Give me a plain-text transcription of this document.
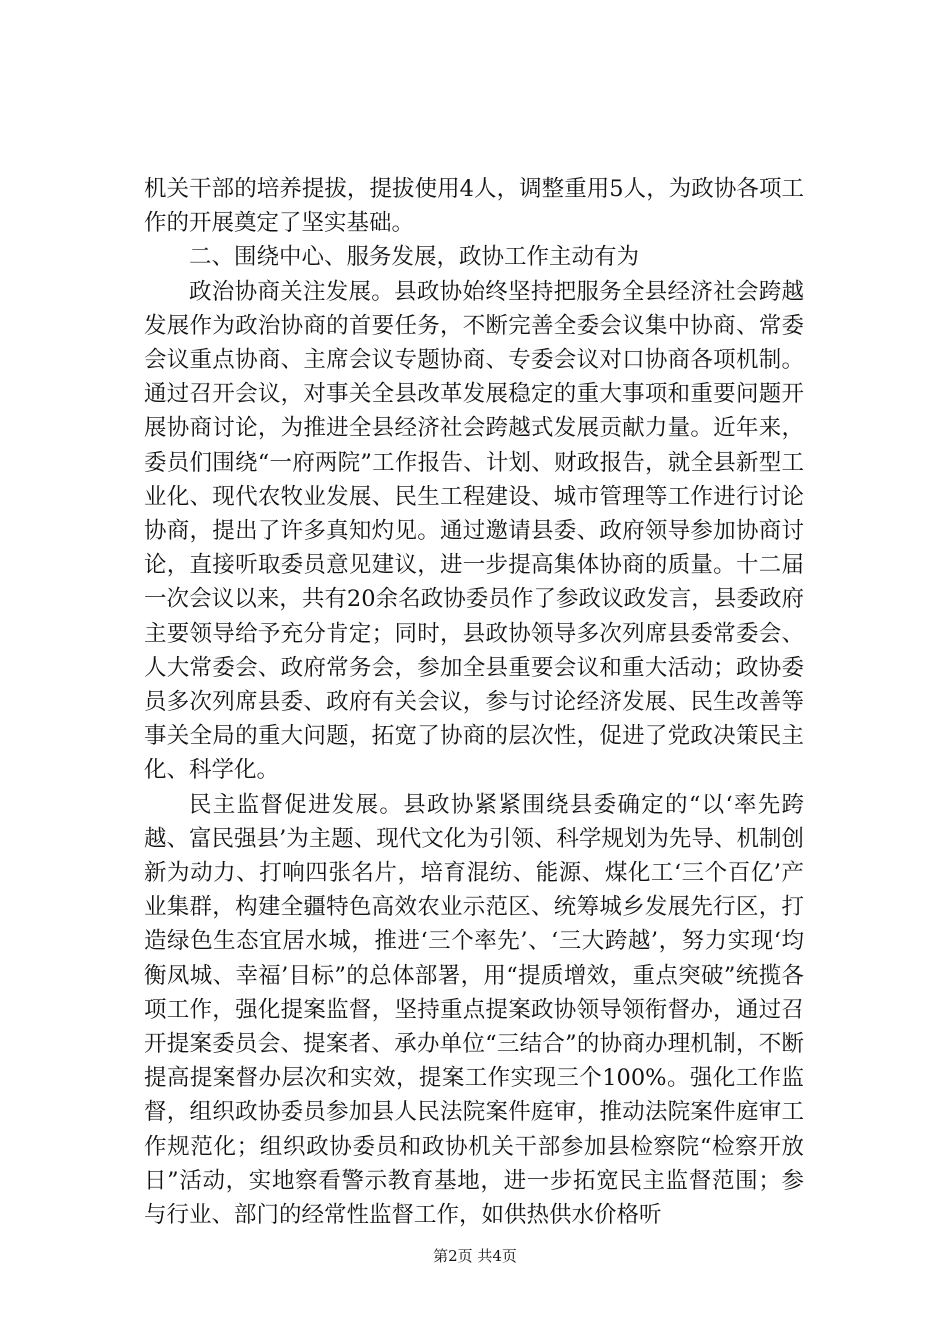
机关干部的培养提拔，提拔使用4人，调整重用5人，为政协各项工作的开展奠定了坚实基础。

二、围绕中心、服务发展，政协工作主动有为

政治协商关注发展。县政协始终坚持把服务全县经济社会跨越发展作为政治协商的首要任务，不断完善全委会议集中协商、常委会议重点协商、主席会议专题协商、专委会议对口协商各项机制。通过召开会议，对事关全县改革发展稳定的重大事项和重要问题开展协商讨论，为推进全县经济社会跨越式发展贡献力量。近年来，委员们围绕“一府两院”工作报告、计划、财政报告，就全县新型工业化、现代农牧业发展、民生工程建设、城市管理等工作进行讨论协商，提出了许多真知灼见。通过邀请县委、政府领导参加协商讨论，直接听取委员意见建议，进一步提高集体协商的质量。十二届一次会议以来，共有20余名政协委员作了参政议政发言，县委政府主要领导给予充分肯定；同时，县政协领导多次列席县委常委会、人大常委会、政府常务会，参加全县重要会议和重大活动；政协委员多次列席县委、政府有关会议，参与讨论经济发展、民生改善等事关全局的重大问题，拓宽了协商的层次性，促进了党政决策民主化、科学化。

民主监督促进发展。县政协紧紧围绕县委确定的“以‘率先跨越、富民强县’为主题、现代文化为引领、科学规划为先导、机制创新为动力、打响四张名片，培育混纺、能源、煤化工‘三个百亿’产业集群，构建全疆特色高效农业示范区、统筹城乡发展先行区，打造绿色生态宜居水城，推进‘三个率先’、‘三大跨越’，努力实现‘均衡凤城、幸福’目标”的总体部署，用“提质增效，重点突破”统揽各项工作，强化提案监督，坚持重点提案政协领导领衔督办，通过召开提案委员会、提案者、承办单位“三结合”的协商办理机制，不断提高提案督办层次和实效，提案工作实现三个100%。强化工作监督，组织政协委员参加县人民法院案件庭审，推动法院案件庭审工作规范化；组织政协委员和政协机关干部参加县检察院“检察开放日”活动，实地察看警示教育基地，进一步拓宽民主监督范围；参与行业、部门的经常性监督工作，如供热供水价格听

第2页 共4页
